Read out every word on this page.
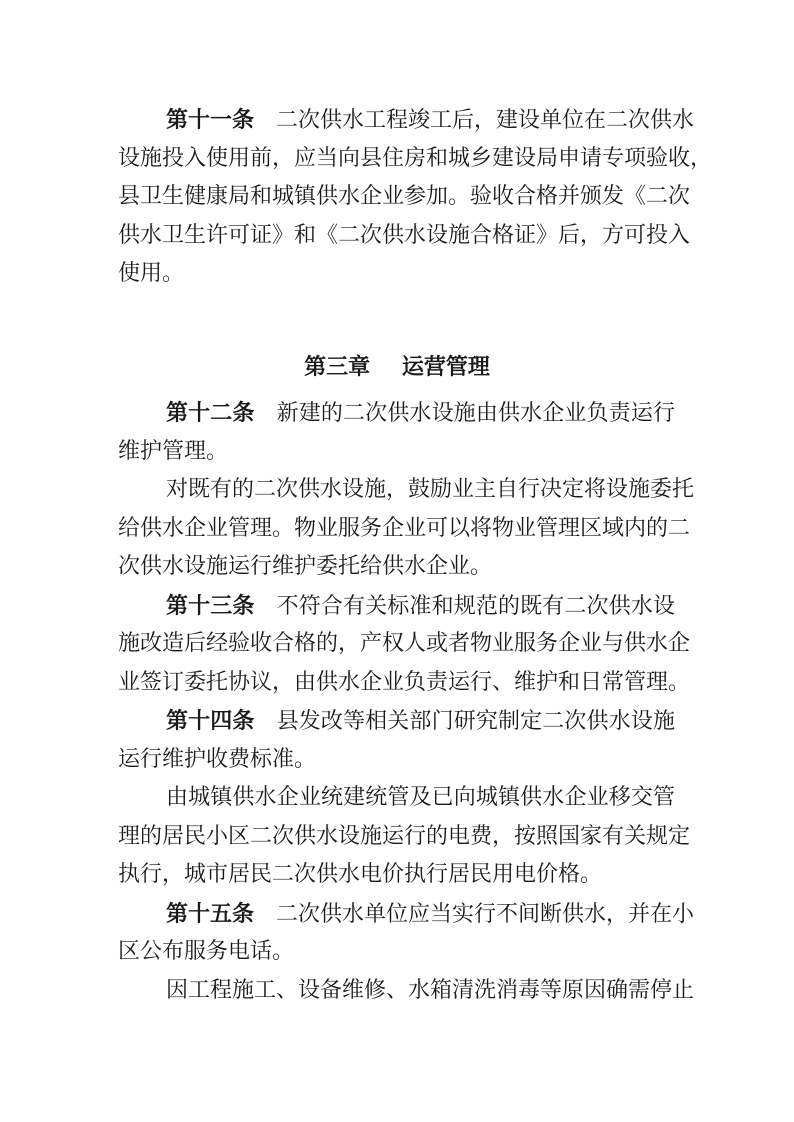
第十一条 二次供水工程竣工后，建设单位在二次供水
设施投入使用前，应当向县住房和城乡建设局申请专项验收，
县卫生健康局和城镇供水企业参加。验收合格并颁发《二次
供水卫生许可证》和《二次供水设施合格证》后，方可投入
使用。
第三章 运营管理
第十二条 新建的二次供水设施由供水企业负责运行
维护管理。
对既有的二次供水设施，鼓励业主自行决定将设施委托
给供水企业管理。物业服务企业可以将物业管理区域内的二
次供水设施运行维护委托给供水企业。
第十三条 不符合有关标准和规范的既有二次供水设
施改造后经验收合格的，产权人或者物业服务企业与供水企
业签订委托协议，由供水企业负责运行、维护和日常管理。
第十四条 县发改等相关部门研究制定二次供水设施
运行维护收费标准。
由城镇供水企业统建统管及已向城镇供水企业移交管
理的居民小区二次供水设施运行的电费，按照国家有关规定
执行，城市居民二次供水电价执行居民用电价格。
第十五条 二次供水单位应当实行不间断供水，并在小
区公布服务电话。
因工程施工、设备维修、水箱清洗消毒等原因确需停止
